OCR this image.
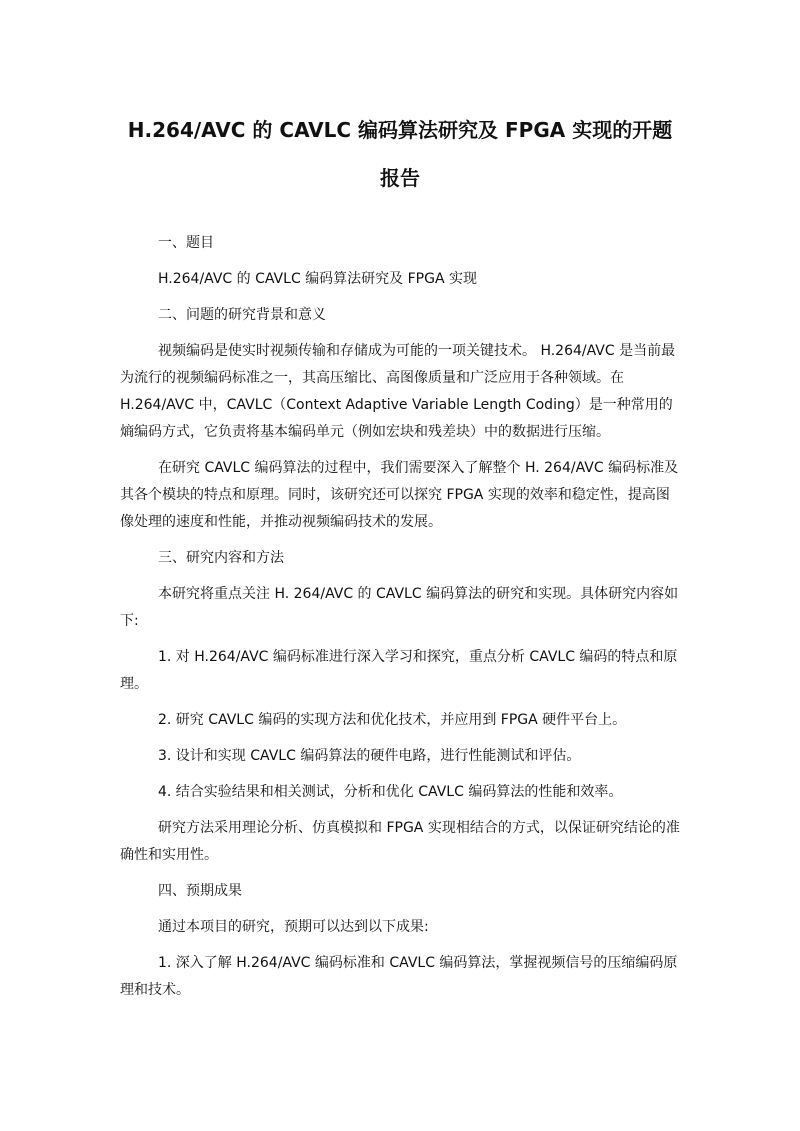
H.264/AVC 的 CAVLC 编码算法研究及 FPGA 实现的开题
报告

一、题目

H.264/AVC 的 CAVLC 编码算法研究及 FPGA 实现

二、问题的研究背景和意义

视频编码是使实时视频传输和存储成为可能的一项关键技术。 H.264/AVC 是当前最为流行的视频编码标准之一，其高压缩比、高图像质量和广泛应用于各种领域。在 H.264/AVC 中，CAVLC（Context Adaptive Variable Length Coding）是一种常用的熵编码方式，它负责将基本编码单元（例如宏块和残差块）中的数据进行压缩。

在研究 CAVLC 编码算法的过程中，我们需要深入了解整个 H. 264/AVC 编码标准及其各个模块的特点和原理。同时，该研究还可以探究 FPGA 实现的效率和稳定性，提高图像处理的速度和性能，并推动视频编码技术的发展。

三、研究内容和方法

本研究将重点关注 H. 264/AVC 的 CAVLC 编码算法的研究和实现。具体研究内容如下:

1. 对 H.264/AVC 编码标准进行深入学习和探究，重点分析 CAVLC 编码的特点和原理。

2. 研究 CAVLC 编码的实现方法和优化技术，并应用到 FPGA 硬件平台上。

3. 设计和实现 CAVLC 编码算法的硬件电路，进行性能测试和评估。

4. 结合实验结果和相关测试，分析和优化 CAVLC 编码算法的性能和效率。

研究方法采用理论分析、仿真模拟和 FPGA 实现相结合的方式，以保证研究结论的准确性和实用性。

四、预期成果

通过本项目的研究，预期可以达到以下成果:

1. 深入了解 H.264/AVC 编码标准和 CAVLC 编码算法，掌握视频信号的压缩编码原理和技术。
